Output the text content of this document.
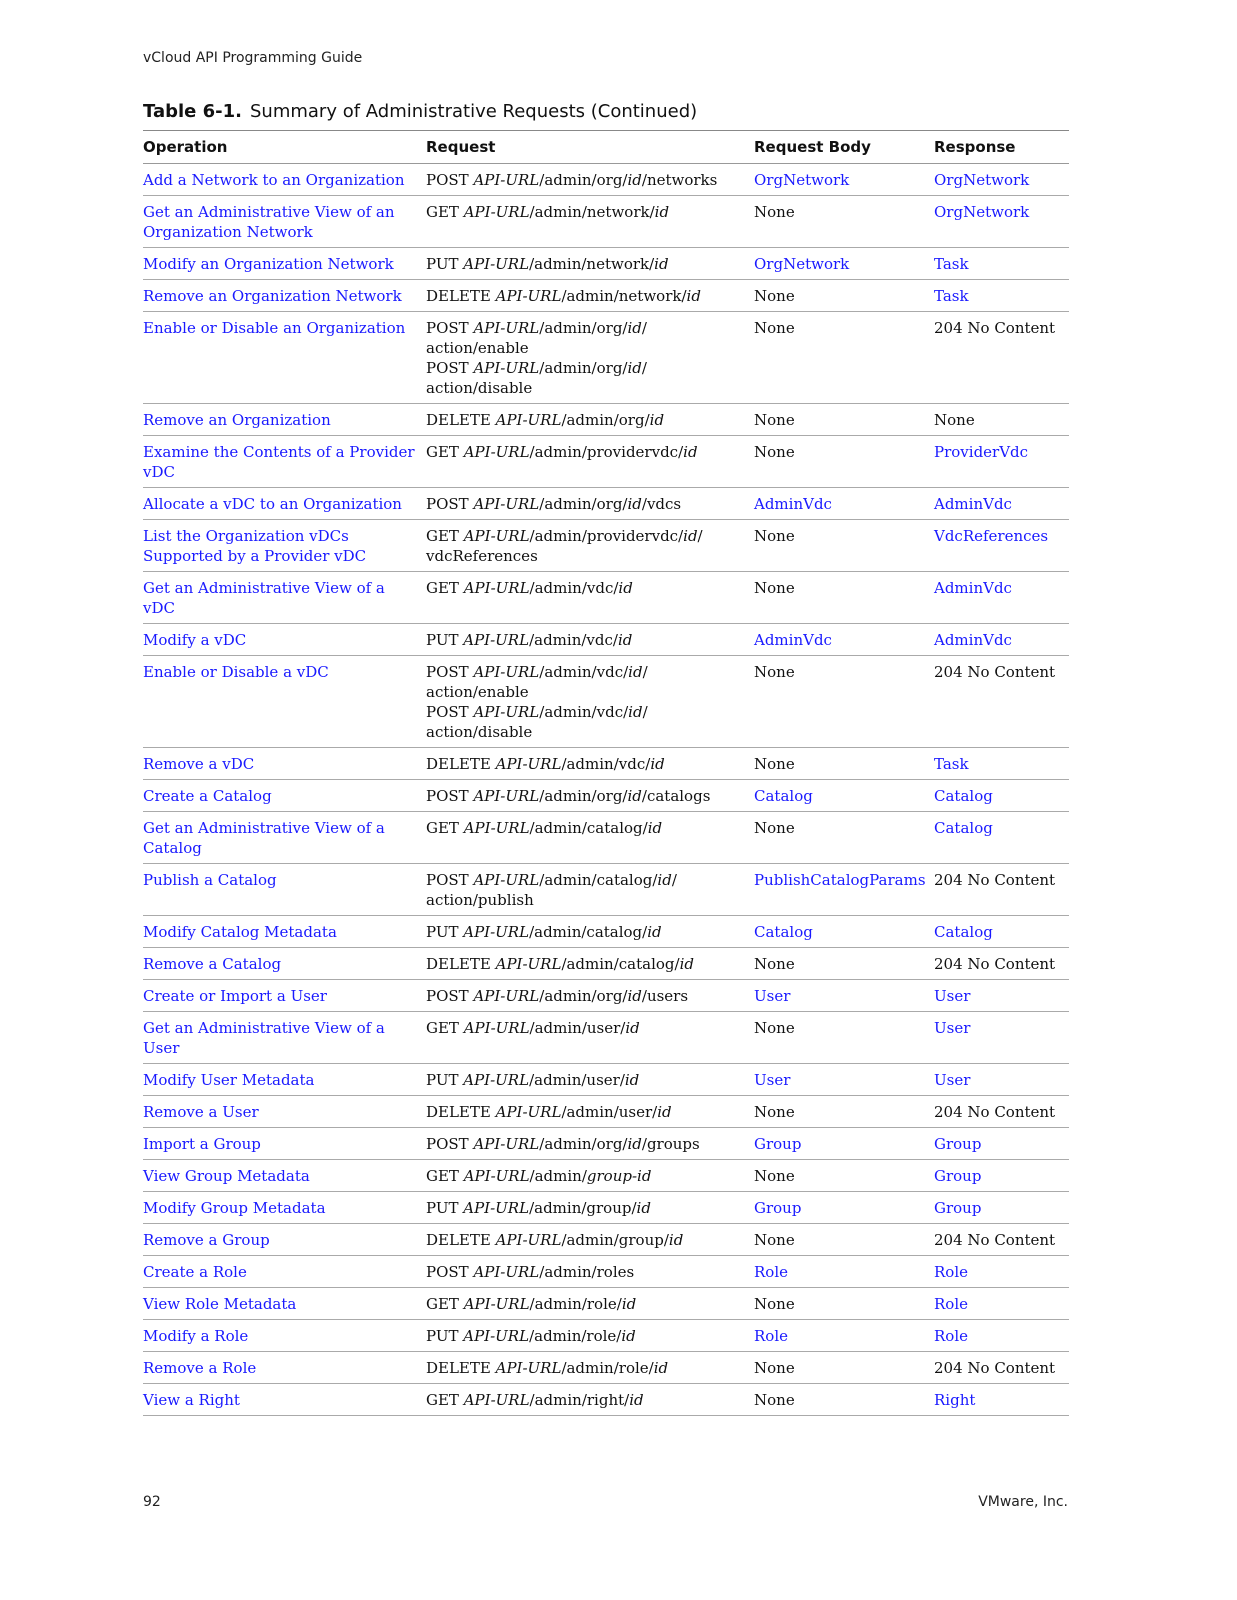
vCloud API Programming Guide
Table 6-1. Summary of Administrative Requests (Continued)
Operation	Request	Request Body	Response
Add a Network to an Organization	POST API-URL/admin/org/id/networks	OrgNetwork	OrgNetwork
Get an Administrative View of an Organization Network	GET API-URL/admin/network/id	None	OrgNetwork
Modify an Organization Network	PUT API-URL/admin/network/id	OrgNetwork	Task
Remove an Organization Network	DELETE API-URL/admin/network/id	None	Task
Enable or Disable an Organization	POST API-URL/admin/org/id/
action/enable
POST API-URL/admin/org/id/
action/disable	None	204 No Content
Remove an Organization	DELETE API-URL/admin/org/id	None	None
Examine the Contents of a Provider vDC	GET API-URL/admin/providervdc/id	None	ProviderVdc
Allocate a vDC to an Organization	POST API-URL/admin/org/id/vdcs	AdminVdc	AdminVdc
List the Organization vDCs Supported by a Provider vDC	GET API-URL/admin/providervdc/id/
vdcReferences	None	VdcReferences
Get an Administrative View of a vDC	GET API-URL/admin/vdc/id	None	AdminVdc
Modify a vDC	PUT API-URL/admin/vdc/id	AdminVdc	AdminVdc
Enable or Disable a vDC	POST API-URL/admin/vdc/id/
action/enable
POST API-URL/admin/vdc/id/
action/disable	None	204 No Content
Remove a vDC	DELETE API-URL/admin/vdc/id	None	Task
Create a Catalog	POST API-URL/admin/org/id/catalogs	Catalog	Catalog
Get an Administrative View of a Catalog	GET API-URL/admin/catalog/id	None	Catalog
Publish a Catalog	POST API-URL/admin/catalog/id/
action/publish	PublishCatalogParams	204 No Content
Modify Catalog Metadata	PUT API-URL/admin/catalog/id	Catalog	Catalog
Remove a Catalog	DELETE API-URL/admin/catalog/id	None	204 No Content
Create or Import a User	POST API-URL/admin/org/id/users	User	User
Get an Administrative View of a User	GET API-URL/admin/user/id	None	User
Modify User Metadata	PUT API-URL/admin/user/id	User	User
Remove a User	DELETE API-URL/admin/user/id	None	204 No Content
Import a Group	POST API-URL/admin/org/id/groups	Group	Group
View Group Metadata	GET API-URL/admin/group-id	None	Group
Modify Group Metadata	PUT API-URL/admin/group/id	Group	Group
Remove a Group	DELETE API-URL/admin/group/id	None	204 No Content
Create a Role	POST API-URL/admin/roles	Role	Role
View Role Metadata	GET API-URL/admin/role/id	None	Role
Modify a Role	PUT API-URL/admin/role/id	Role	Role
Remove a Role	DELETE API-URL/admin/role/id	None	204 No Content
View a Right	GET API-URL/admin/right/id	None	Right
92	VMware, Inc.
